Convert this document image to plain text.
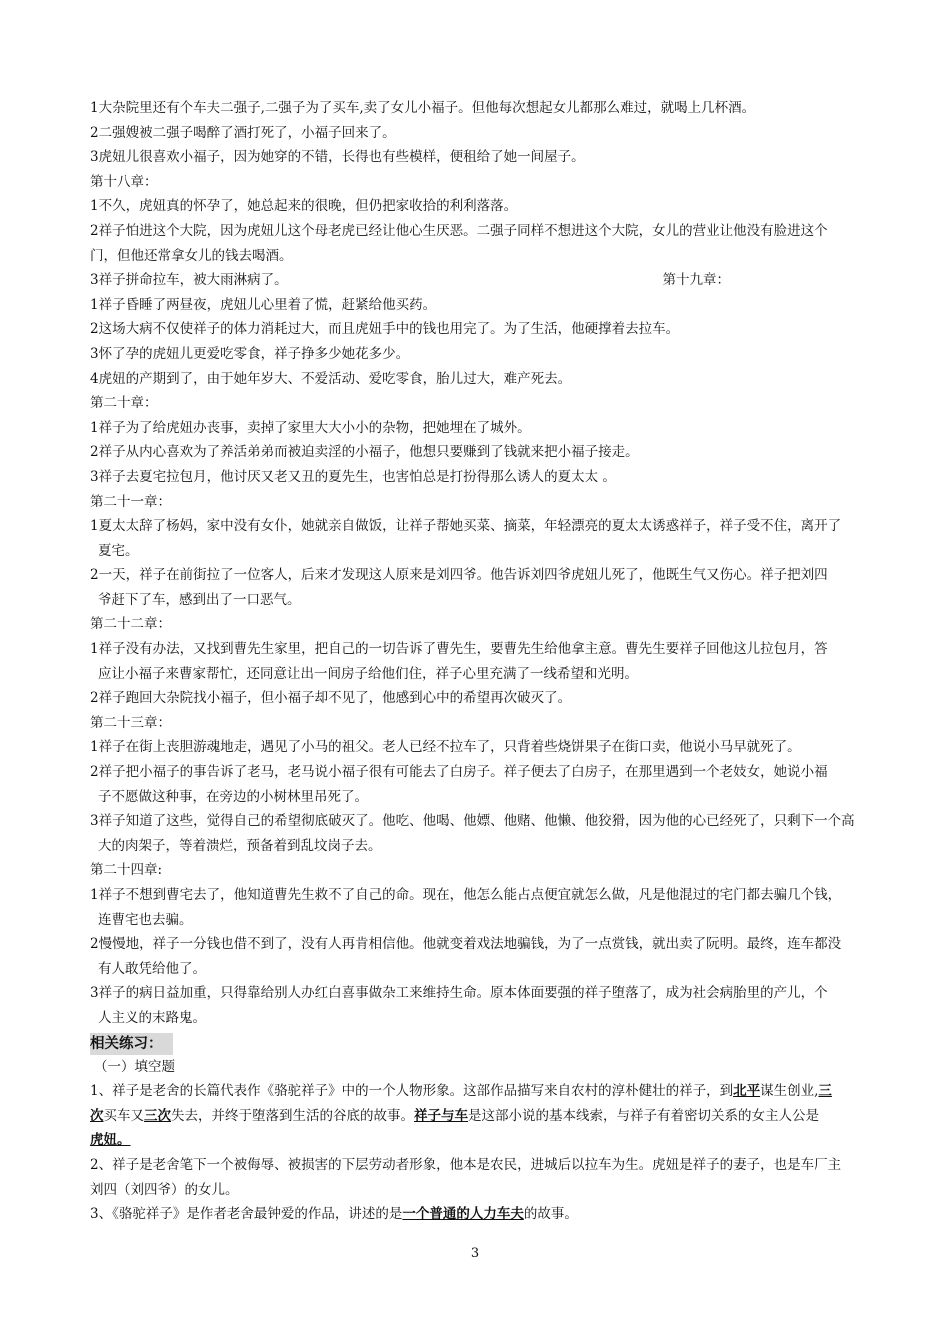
1大杂院里还有个车夫二强子,二强子为了买车,卖了女儿小福子。但他每次想起女儿都那么难过，就喝上几杯酒。

2二强嫂被二强子喝醉了酒打死了，小福子回来了。

3虎妞儿很喜欢小福子，因为她穿的不错，长得也有些模样，便租给了她一间屋子。

第十八章：

1不久，虎妞真的怀孕了，她总起来的很晚，但仍把家收拾的利利落落。

2祥子怕进这个大院，因为虎妞儿这个母老虎已经让他心生厌恶。二强子同样不想进这个大院，女儿的营业让他没有脸进这个

门，但他还常拿女儿的钱去喝酒。

3祥子拼命拉车，被大雨淋病了。	第十九章：

1祥子昏睡了两昼夜，虎妞儿心里着了慌，赶紧给他买药。

2这场大病不仅使祥子的体力消耗过大，而且虎妞手中的钱也用完了。为了生活，他硬撑着去拉车。

3怀了孕的虎妞儿更爱吃零食，祥子挣多少她花多少。

4虎妞的产期到了，由于她年岁大、不爱活动、爱吃零食，胎儿过大，难产死去。

第二十章：

1祥子为了给虎妞办丧事，卖掉了家里大大小小的杂物，把她埋在了城外。

2祥子从内心喜欢为了养活弟弟而被迫卖淫的小福子，他想只要赚到了钱就来把小福子接走。

3祥子去夏宅拉包月，他讨厌又老又丑的夏先生，也害怕总是打扮得那么诱人的夏太太 。

第二十一章：

1夏太太辞了杨妈，家中没有女仆，她就亲自做饭，让祥子帮她买菜、摘菜，年轻漂亮的夏太太诱惑祥子，祥子受不住，离开了

夏宅。

2一天，祥子在前街拉了一位客人，后来才发现这人原来是刘四爷。他告诉刘四爷虎妞儿死了，他既生气又伤心。祥子把刘四

爷赶下了车，感到出了一口恶气。

第二十二章：

1祥子没有办法，又找到曹先生家里，把自己的一切告诉了曹先生，要曹先生给他拿主意。曹先生要祥子回他这儿拉包月，答

应让小福子来曹家帮忙，还同意让出一间房子给他们住，祥子心里充满了一线希望和光明。

2祥子跑回大杂院找小福子，但小福子却不见了，他感到心中的希望再次破灭了。

第二十三章：

1祥子在街上丧胆游魂地走，遇见了小马的祖父。老人已经不拉车了，只背着些烧饼果子在街口卖，他说小马早就死了。

2祥子把小福子的事告诉了老马，老马说小福子很有可能去了白房子。祥子便去了白房子，在那里遇到一个老妓女，她说小福

子不愿做这种事，在旁边的小树林里吊死了。

3祥子知道了这些，觉得自己的希望彻底破灭了。他吃、他喝、他嫖、他赌、他懒、他狡猾，因为他的心已经死了，只剩下一个高

大的肉架子，等着溃烂，预备着到乱坟岗子去。

第二十四章:

1祥子不想到曹宅去了，他知道曹先生救不了自己的命。现在，他怎么能占点便宜就怎么做，凡是他混过的宅门都去骗几个钱，

连曹宅也去骗。

2慢慢地，祥子一分钱也借不到了，没有人再肯相信他。他就变着戏法地骗钱，为了一点赏钱，就出卖了阮明。最终，连车都没

有人敢凭给他了。

3祥子的病日益加重，只得靠给别人办红白喜事做杂工来维持生命。原本体面要强的祥子堕落了，成为社会病胎里的产儿，个

人主义的末路鬼。

相关练习：

（一）填空题

1、祥子是老舍的长篇代表作《骆驼祥子》中的一个人物形象。这部作品描写来自农村的淳朴健壮的祥子，到北平谋生创业,三

次买车又三次失去，并终于堕落到生活的谷底的故事。祥子与车是这部小说的基本线索，与祥子有着密切关系的女主人公是

虎妞。

2、祥子是老舍笔下一个被侮辱、被损害的下层劳动者形象，他本是农民，进城后以拉车为生。虎妞是祥子的妻子，也是车厂主

刘四（刘四爷）的女儿。

3、《骆驼祥子》是作者老舍最钟爱的作品，讲述的是一个普通的人力车夫的故事。

3
